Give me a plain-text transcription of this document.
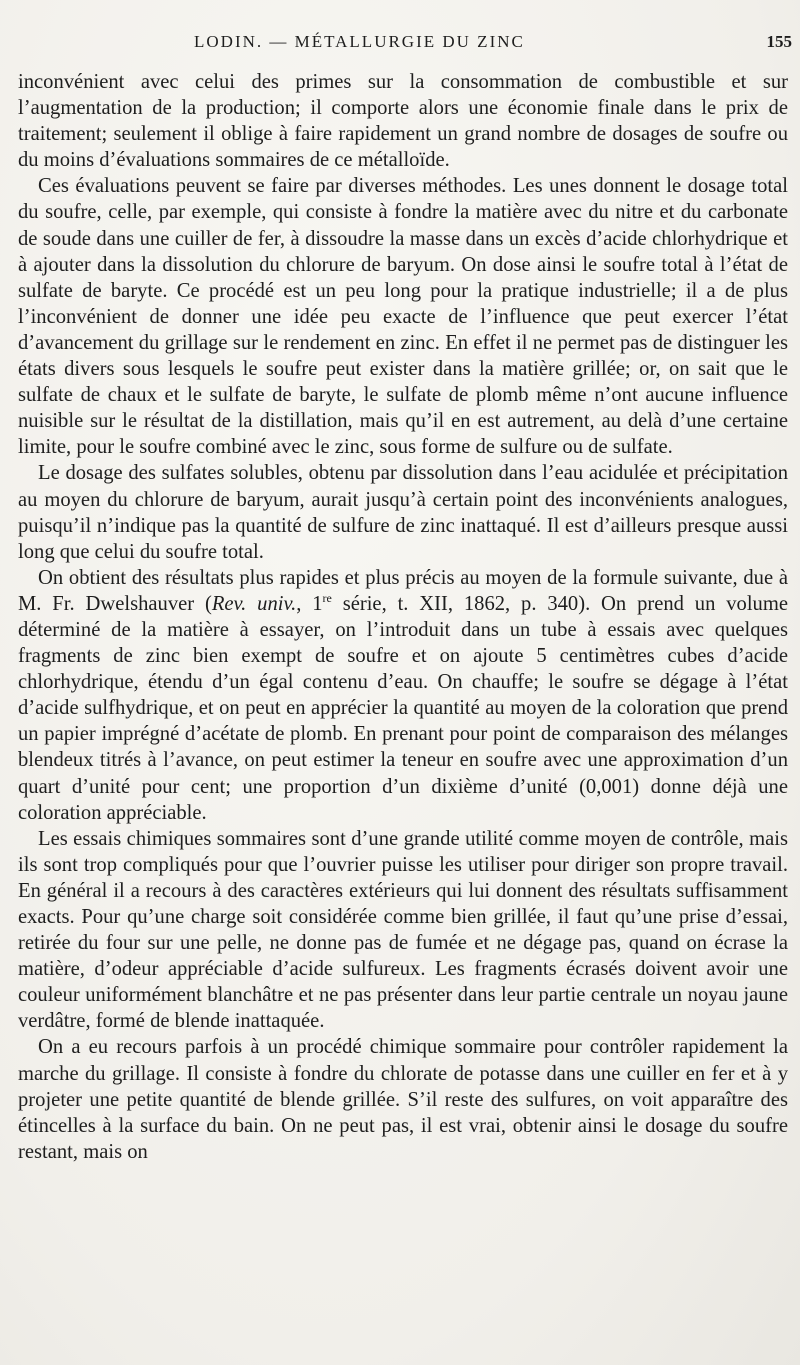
LODIN. — MÉTALLURGIE DU ZINC	155

inconvénient avec celui des primes sur la consommation de combustible et sur l’augmentation de la production; il comporte alors une économie finale dans le prix de traitement; seulement il oblige à faire rapidement un grand nombre de dosages de soufre ou du moins d’évaluations sommaires de ce métalloïde.

Ces évaluations peuvent se faire par diverses méthodes. Les unes donnent le dosage total du soufre, celle, par exemple, qui consiste à fondre la matière avec du nitre et du carbonate de soude dans une cuiller de fer, à dissoudre la masse dans un excès d’acide chlorhydrique et à ajouter dans la dissolution du chlorure de baryum. On dose ainsi le soufre total à l’état de sulfate de baryte. Ce procédé est un peu long pour la pratique industrielle; il a de plus l’inconvénient de donner une idée peu exacte de l’influence que peut exercer l’état d’avancement du grillage sur le rendement en zinc. En effet il ne permet pas de distinguer les états divers sous lesquels le soufre peut exister dans la matière grillée; or, on sait que le sulfate de chaux et le sulfate de baryte, le sulfate de plomb même n’ont aucune influence nuisible sur le résultat de la distillation, mais qu’il en est autrement, au delà d’une certaine limite, pour le soufre combiné avec le zinc, sous forme de sulfure ou de sulfate.

Le dosage des sulfates solubles, obtenu par dissolution dans l’eau acidulée et précipitation au moyen du chlorure de baryum, aurait jusqu’à certain point des inconvénients analogues, puisqu’il n’indique pas la quantité de sulfure de zinc inattaqué. Il est d’ailleurs presque aussi long que celui du soufre total.

On obtient des résultats plus rapides et plus précis au moyen de la formule suivante, due à M. Fr. Dwelshauver (Rev. univ., 1re série, t. XII, 1862, p. 340). On prend un volume déterminé de la matière à essayer, on l’introduit dans un tube à essais avec quelques fragments de zinc bien exempt de soufre et on ajoute 5 centimètres cubes d’acide chlorhydrique, étendu d’un égal contenu d’eau. On chauffe; le soufre se dégage à l’état d’acide sulfhydrique, et on peut en apprécier la quantité au moyen de la coloration que prend un papier imprégné d’acétate de plomb. En prenant pour point de comparaison des mélanges blendeux titrés à l’avance, on peut estimer la teneur en soufre avec une approximation d’un quart d’unité pour cent; une proportion d’un dixième d’unité (0,001) donne déjà une coloration appréciable.

Les essais chimiques sommaires sont d’une grande utilité comme moyen de contrôle, mais ils sont trop compliqués pour que l’ouvrier puisse les utiliser pour diriger son propre travail. En général il a recours à des caractères extérieurs qui lui donnent des résultats suffisamment exacts. Pour qu’une charge soit considérée comme bien grillée, il faut qu’une prise d’essai, retirée du four sur une pelle, ne donne pas de fumée et ne dégage pas, quand on écrase la matière, d’odeur appréciable d’acide sulfureux. Les fragments écrasés doivent avoir une couleur uniformément blanchâtre et ne pas présenter dans leur partie centrale un noyau jaune verdâtre, formé de blende inattaquée.

On a eu recours parfois à un procédé chimique sommaire pour contrôler rapidement la marche du grillage. Il consiste à fondre du chlorate de potasse dans une cuiller en fer et à y projeter une petite quantité de blende grillée. S’il reste des sulfures, on voit apparaître des étincelles à la surface du bain. On ne peut pas, il est vrai, obtenir ainsi le dosage du soufre restant, mais on
